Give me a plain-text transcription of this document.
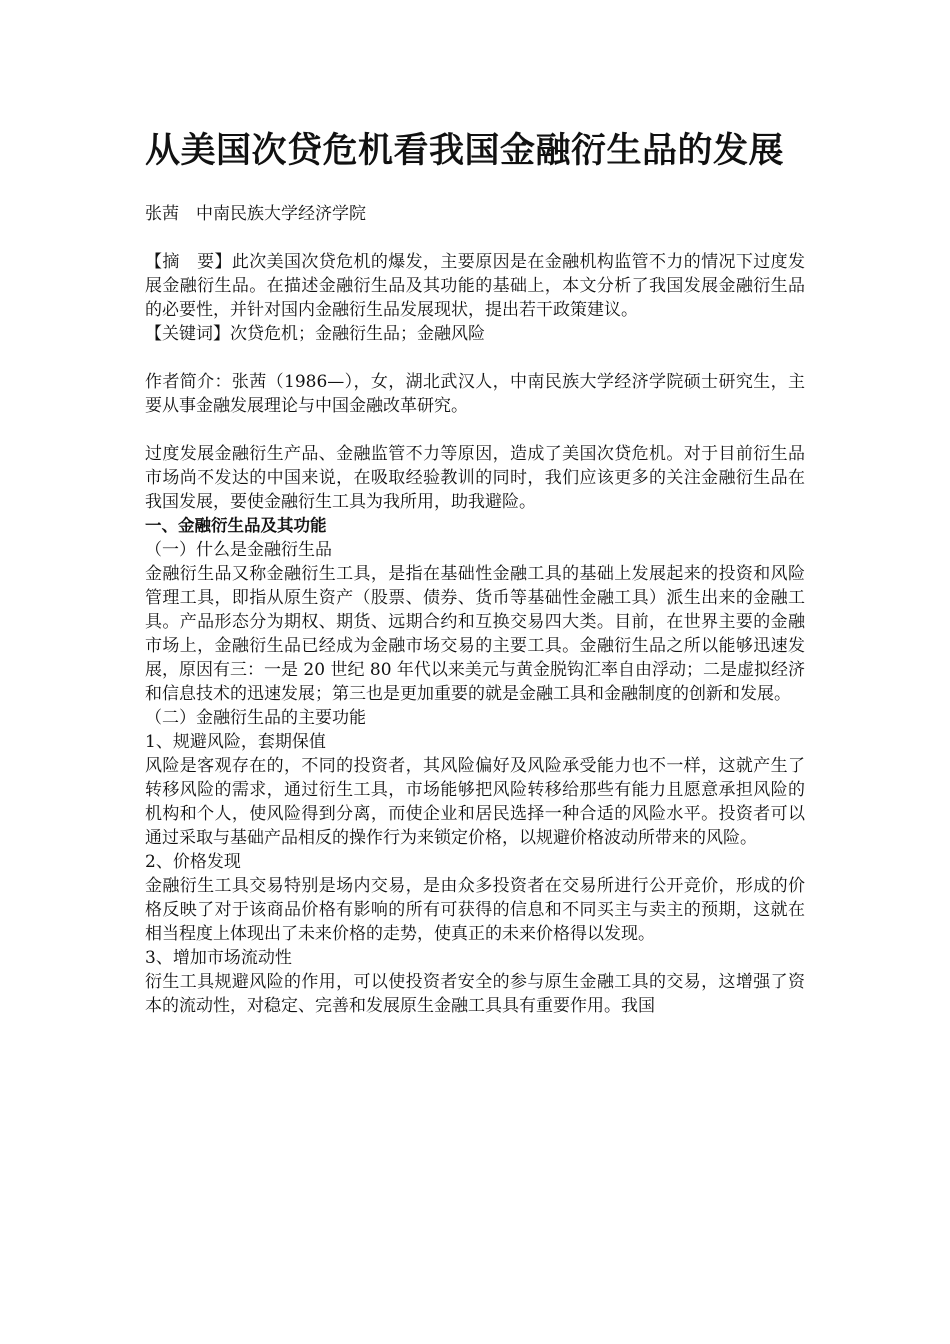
从美国次贷危机看我国金融衍生品的发展
张茜　中南民族大学经济学院

【摘　要】此次美国次贷危机的爆发，主要原因是在金融机构监管不力的情况下过度发展金融衍生品。在描述金融衍生品及其功能的基础上，本文分析了我国发展金融衍生品的必要性，并针对国内金融衍生品发展现状，提出若干政策建议。

【关键词】次贷危机；金融衍生品；金融风险

作者简介：张茜（1986—），女，湖北武汉人，中南民族大学经济学院硕士研究生，主要从事金融发展理论与中国金融改革研究。

过度发展金融衍生产品、金融监管不力等原因，造成了美国次贷危机。对于目前衍生品市场尚不发达的中国来说，在吸取经验教训的同时，我们应该更多的关注金融衍生品在我国发展，要使金融衍生工具为我所用，助我避险。

一、金融衍生品及其功能

（一）什么是金融衍生品

金融衍生品又称金融衍生工具，是指在基础性金融工具的基础上发展起来的投资和风险管理工具，即指从原生资产（股票、债券、货币等基础性金融工具）派生出来的金融工具。产品形态分为期权、期货、远期合约和互换交易四大类。目前，在世界主要的金融市场上，金融衍生品已经成为金融市场交易的主要工具。金融衍生品之所以能够迅速发展，原因有三：一是 20 世纪 80 年代以来美元与黄金脱钩汇率自由浮动；二是虚拟经济和信息技术的迅速发展；第三也是更加重要的就是金融工具和金融制度的创新和发展。

（二）金融衍生品的主要功能

1、规避风险，套期保值

风险是客观存在的，不同的投资者，其风险偏好及风险承受能力也不一样，这就产生了转移风险的需求，通过衍生工具，市场能够把风险转移给那些有能力且愿意承担风险的机构和个人，使风险得到分离，而使企业和居民选择一种合适的风险水平。投资者可以通过采取与基础产品相反的操作行为来锁定价格，以规避价格波动所带来的风险。

2、价格发现

金融衍生工具交易特别是场内交易，是由众多投资者在交易所进行公开竞价，形成的价格反映了对于该商品价格有影响的所有可获得的信息和不同买主与卖主的预期，这就在相当程度上体现出了未来价格的走势，使真正的未来价格得以发现。

3、增加市场流动性

衍生工具规避风险的作用，可以使投资者安全的参与原生金融工具的交易，这增强了资本的流动性，对稳定、完善和发展原生金融工具具有重要作用。我国
